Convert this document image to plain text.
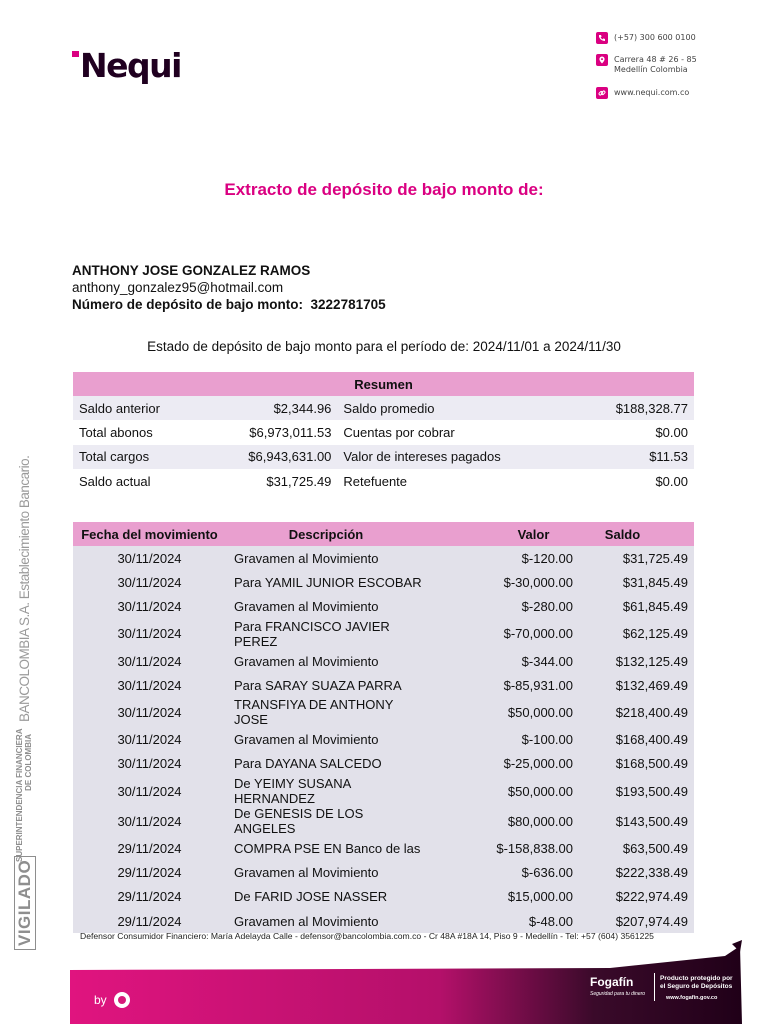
Nequi
(+57) 300 600 0100
Carrera 48 # 26 - 85
Medellín Colombia
www.nequi.com.co
Extracto de depósito de bajo monto de:
ANTHONY JOSE GONZALEZ RAMOS
anthony_gonzalez95@hotmail.com
Número de depósito de bajo monto: 3222781705
Estado de depósito de bajo monto para el período de: 2024/11/01 a 2024/11/30
Resumen			
Saldo anterior	$2,344.96	Saldo promedio	$188,328.77
Total abonos	$6,973,011.53	Cuentas por cobrar	$0.00
Total cargos	$6,943,631.00	Valor de intereses pagados	$11.53
Saldo actual	$31,725.49	Retefuente	$0.00
Fecha del movimiento	Descripción	Valor	Saldo
30/11/2024	Gravamen al Movimiento	$-120.00	$31,725.49
30/11/2024	Para YAMIL JUNIOR ESCOBAR	$-30,000.00	$31,845.49
30/11/2024	Gravamen al Movimiento	$-280.00	$61,845.49
30/11/2024	Para FRANCISCO JAVIER PEREZ	$-70,000.00	$62,125.49
30/11/2024	Gravamen al Movimiento	$-344.00	$132,125.49
30/11/2024	Para SARAY SUAZA PARRA	$-85,931.00	$132,469.49
30/11/2024	TRANSFIYA DE ANTHONY JOSE	$50,000.00	$218,400.49
30/11/2024	Gravamen al Movimiento	$-100.00	$168,400.49
30/11/2024	Para DAYANA SALCEDO	$-25,000.00	$168,500.49
30/11/2024	De YEIMY SUSANA HERNANDEZ	$50,000.00	$193,500.49
30/11/2024	De GENESIS DE LOS ANGELES	$80,000.00	$143,500.49
29/11/2024	COMPRA PSE EN Banco de las	$-158,838.00	$63,500.49
29/11/2024	Gravamen al Movimiento	$-636.00	$222,338.49
29/11/2024	De FARID JOSE NASSER	$15,000.00	$222,974.49
29/11/2024	Gravamen al Movimiento	$-48.00	$207,974.49
BANCOLOMBIA S.A. Establecimiento Bancario.
SUPERINTENDENCIA FINANCIERA
DE COLOMBIA
VIGILADO	Defensor Consumidor Financiero: María Adelayda Calle - defensor@bancolombia.com.co - Cr 48A #18A 14, Piso 9 - Medellín - Tel: +57 (604) 3561225
by
Fogafín
Seguridad para tu dinero
Producto protegido por
el Seguro de Depósitos
www.fogafin.gov.co
